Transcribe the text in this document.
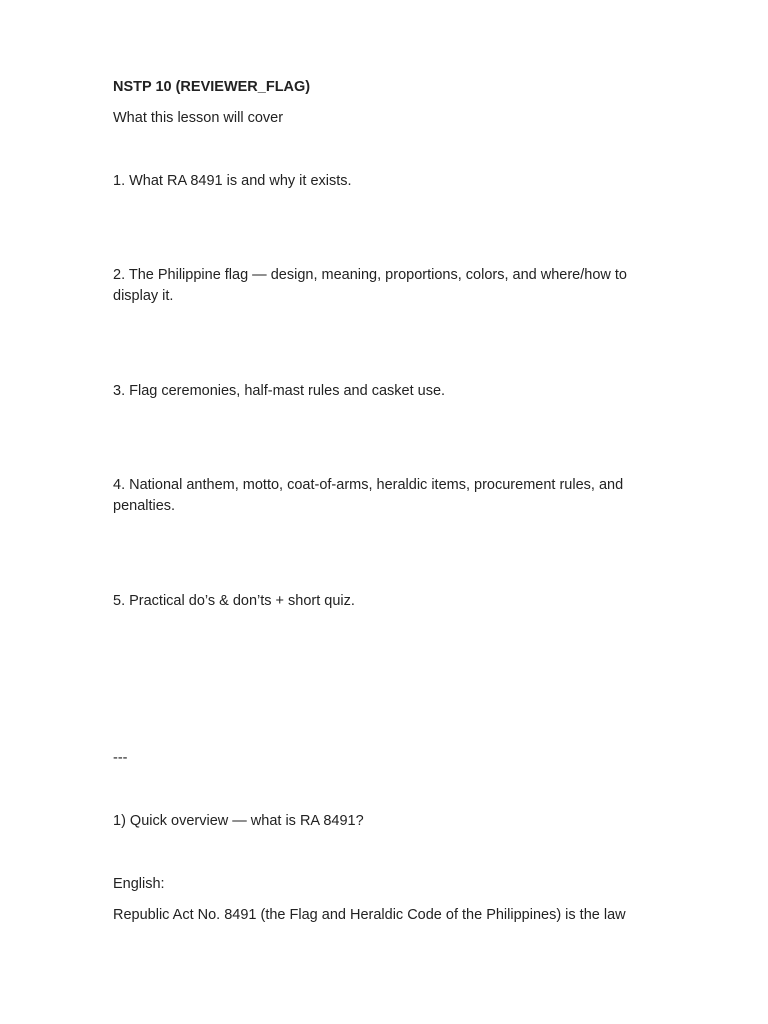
NSTP 10 (REVIEWER_FLAG)

What this lesson will cover

1. What RA 8491 is and why it exists.

2. The Philippine flag — design, meaning, proportions, colors, and where/how to display it.

3. Flag ceremonies, half-mast rules and casket use.

4. National anthem, motto, coat-of-arms, heraldic items, procurement rules, and penalties.

5. Practical do’s & don’ts + short quiz.

---

1) Quick overview — what is RA 8491?

English:

Republic Act No. 8491 (the Flag and Heraldic Code of the Philippines) is the law
